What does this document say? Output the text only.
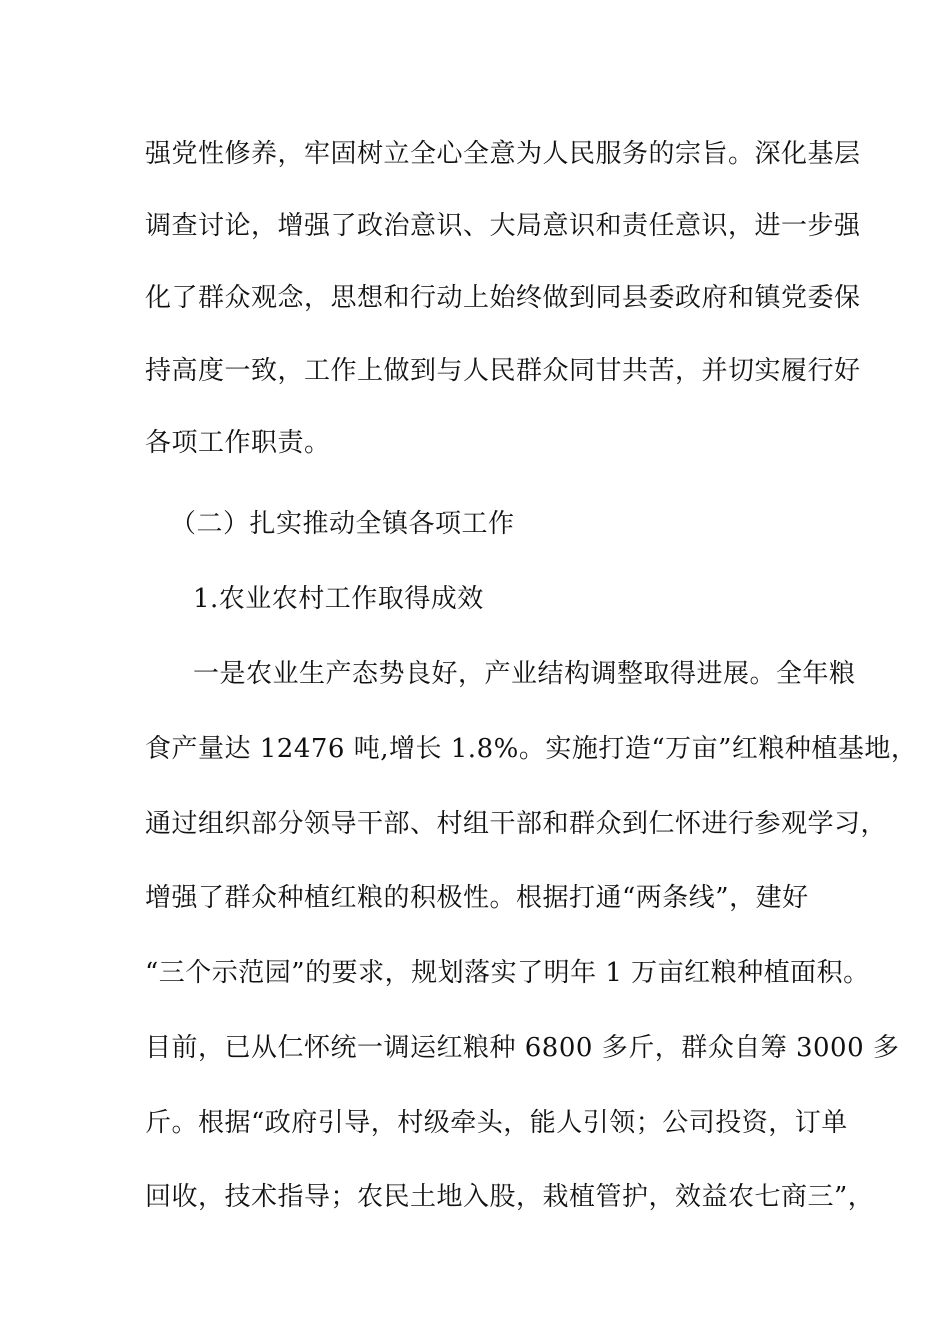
强党性修养，牢固树立全心全意为人民服务的宗旨。深化基层
调查讨论，增强了政治意识、大局意识和责任意识，进一步强
化了群众观念，思想和行动上始终做到同县委政府和镇党委保
持高度一致，工作上做到与人民群众同甘共苦，并切实履行好
各项工作职责。
（二）扎实推动全镇各项工作
1.农业农村工作取得成效
一是农业生产态势良好，产业结构调整取得进展。全年粮
食产量达 12476 吨,增长 1.8%。实施打造“万亩”红粮种植基地，
通过组织部分领导干部、村组干部和群众到仁怀进行参观学习，
增强了群众种植红粮的积极性。根据打通“两条线”，建好
“三个示范园”的要求，规划落实了明年 1 万亩红粮种植面积。
目前，已从仁怀统一调运红粮种 6800 多斤，群众自筹 3000 多
斤。根据“政府引导，村级牵头，能人引领；公司投资，订单
回收，技术指导；农民土地入股，栽植管护，效益农七商三”，
